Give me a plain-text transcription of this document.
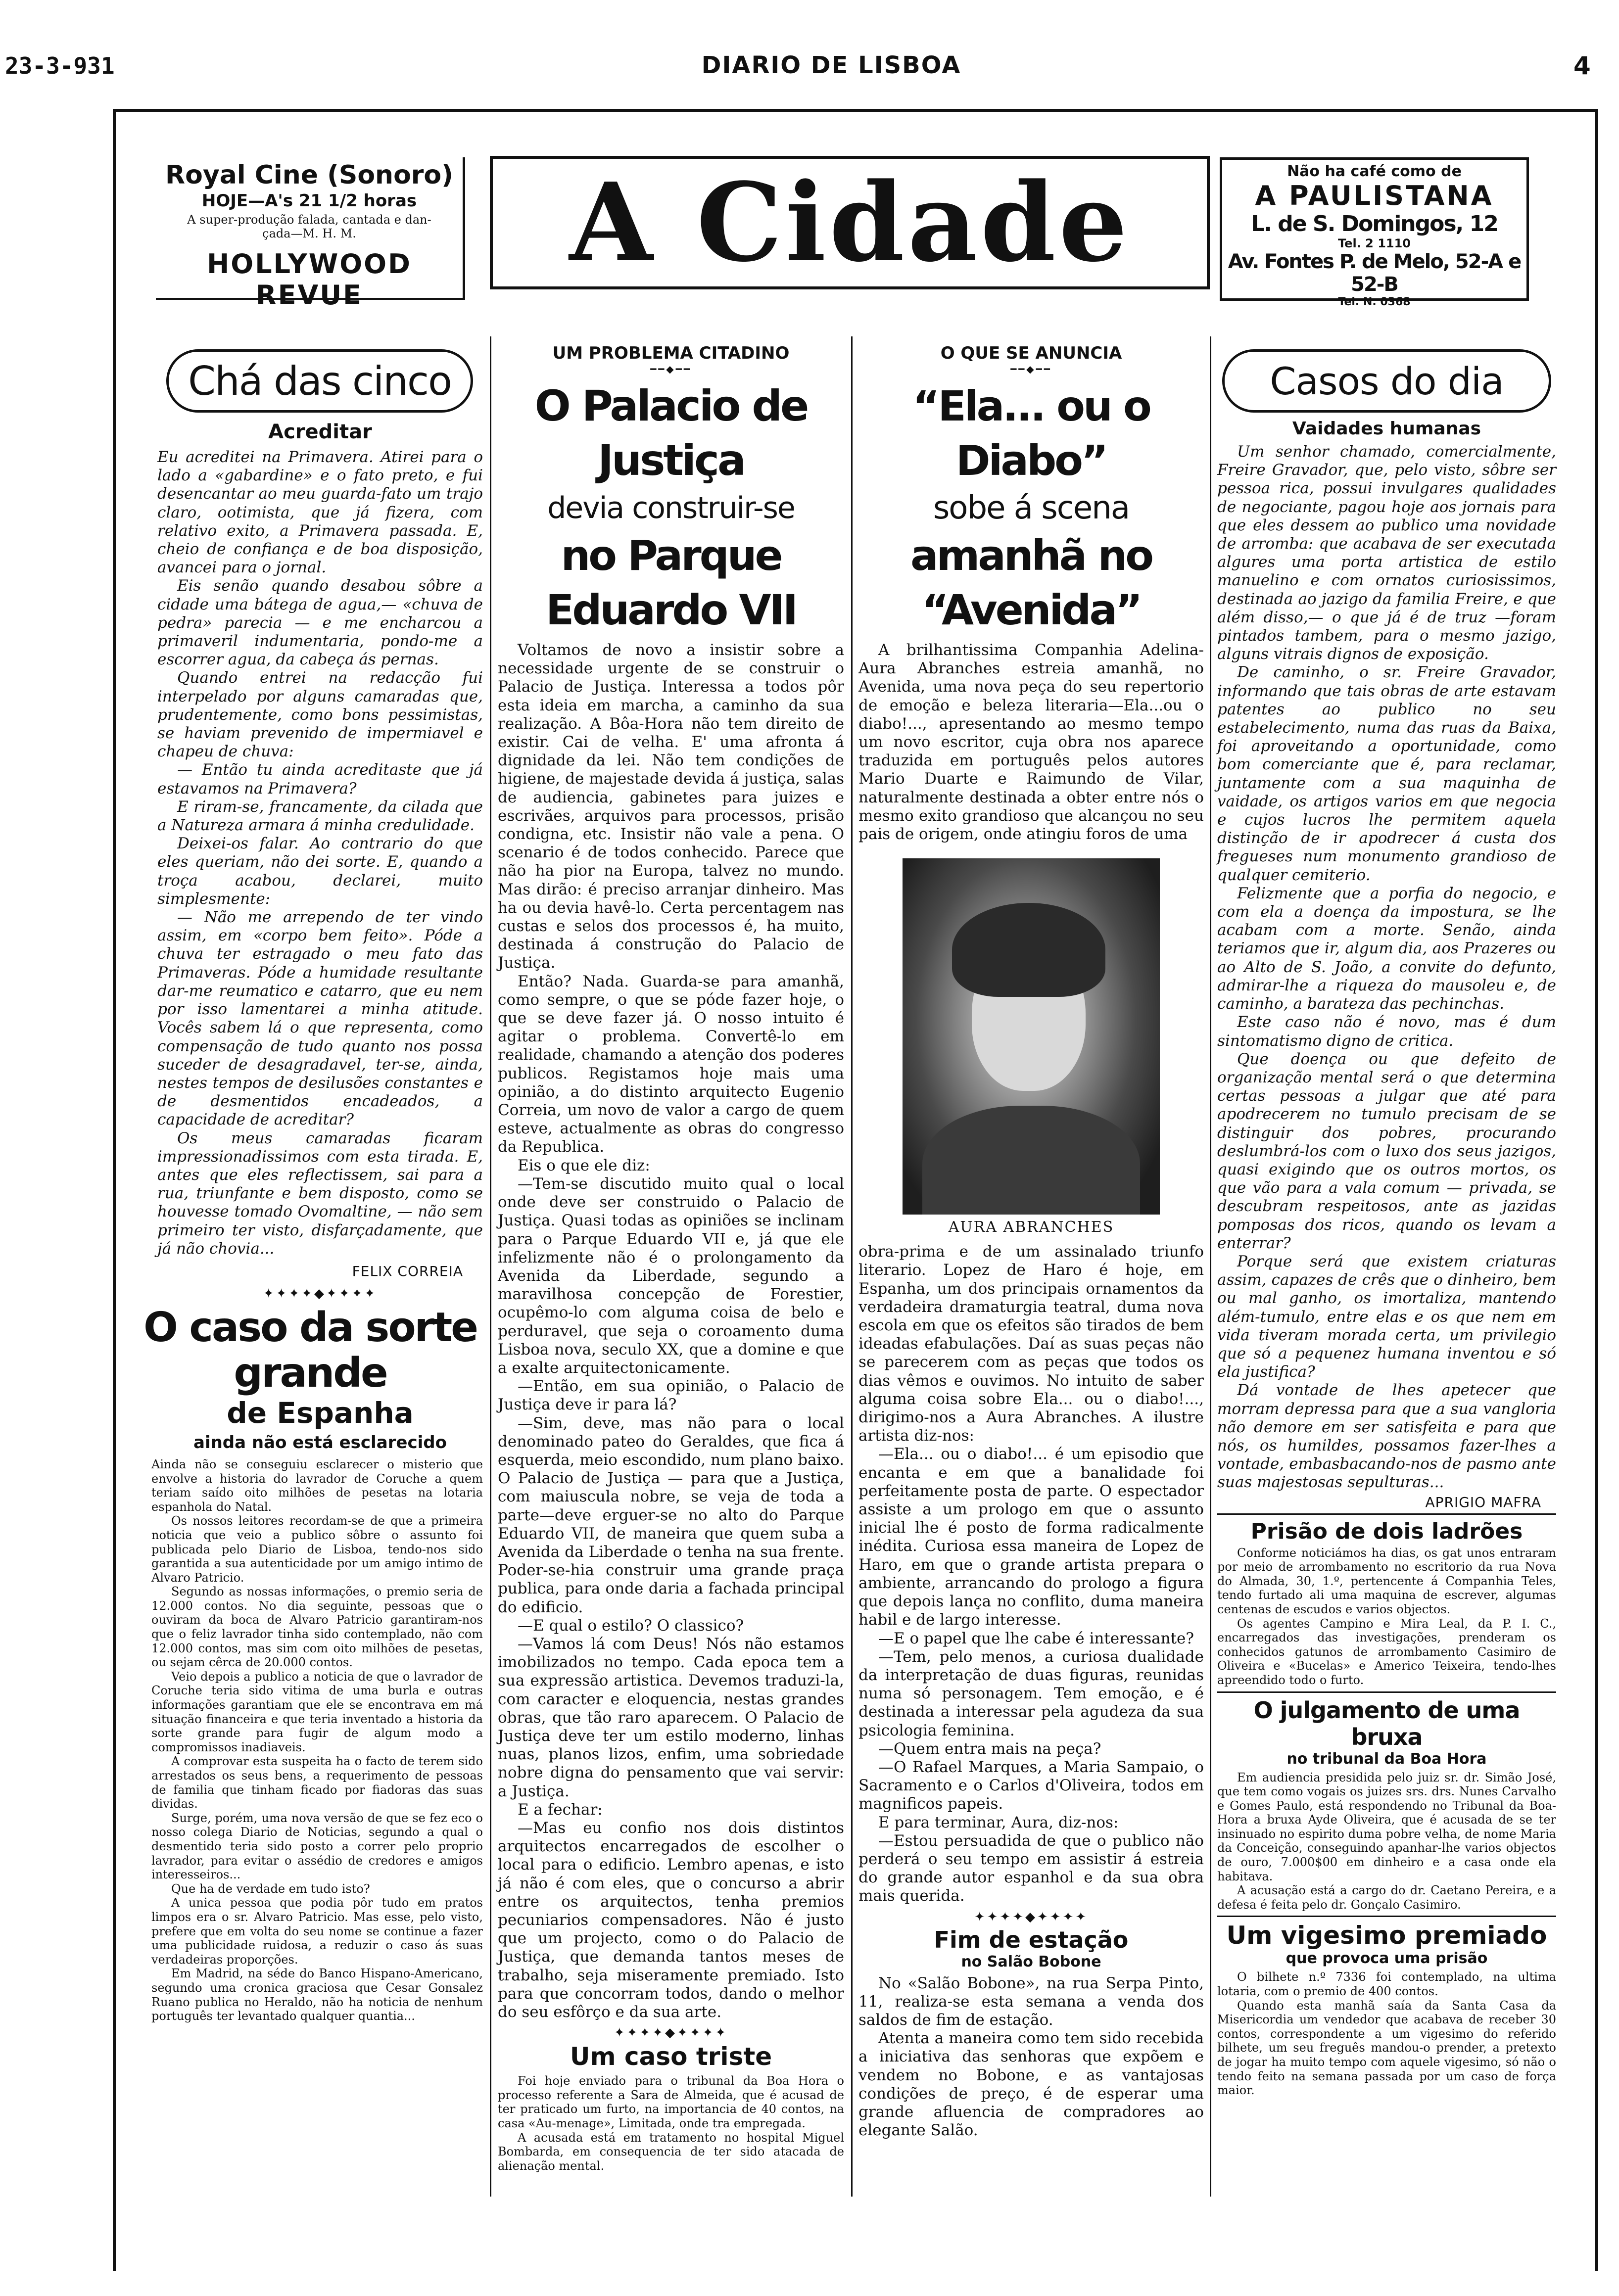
23-3-931	DIARIO DE LISBOA	4
Royal Cine (Sonoro)
HOJE—A's 21 1/2 horas
A super-produção falada, cantada e dan-
çada—M. H. M.
HOLLYWOOD REVUE
A Cidade	Não ha café como de
A PAULISTANA
L. de S. Domingos, 12
Tel. 2 1110
Av. Fontes P. de Melo, 52-A e 52-B
Tel. N. 0368
Chá das cinco
Acreditar

Eu acreditei na Primavera. Atirei para o lado a «gabardine» e o fato preto, e fui desencantar ao meu guarda-fato um trajo claro, ootimista, que já fizera, com relativo exito, a Primavera passada. E, cheio de confiança e de boa disposição, avancei para o jornal.

Eis senão quando desabou sôbre a cidade uma bátega de agua,— «chuva de pedra» parecia — e me encharcou a primaveril indumentaria, pondo-me a escorrer agua, da cabeça ás pernas.

Quando entrei na redacção fui interpelado por alguns camaradas que, prudentemente, como bons pessimistas, se haviam prevenido de impermiavel e chapeu de chuva:

— Então tu ainda acreditaste que já estavamos na Primavera?

E riram-se, francamente, da cilada que a Natureza armara á minha credulidade.

Deixei-os falar. Ao contrario do que eles queriam, não dei sorte. E, quando a troça acabou, declarei, muito simplesmente:

— Não me arrependo de ter vindo assim, em «corpo bem feito». Póde a chuva ter estragado o meu fato das Primaveras. Póde a humidade resultante dar-me reumatico e catarro, que eu nem por isso lamentarei a minha atitude. Vocês sabem lá o que representa, como compensação de tudo quanto nos possa suceder de desagradavel, ter-se, ainda, nestes tempos de desilusões constantes e de desmentidos encadeados, a capacidade de acreditar?

Os meus camaradas ficaram impressionadissimos com esta tirada. E, antes que eles reflectissem, sai para a rua, triunfante e bem disposto, como se houvesse tomado Ovomaltine, — não sem primeiro ter visto, disfarçadamente, que já não chovia...

FELIX CORREIA
✦✦✦✦◆✦✦✦✦
O caso da sorte grande
de Espanha
ainda não está esclarecido

Ainda não se conseguiu esclarecer o misterio que envolve a historia do lavrador de Coruche a quem teriam saído oito milhões de pesetas na lotaria espanhola do Natal.

Os nossos leitores recordam-se de que a primeira noticia que veio a publico sôbre o assunto foi publicada pelo Diario de Lisboa, tendo-nos sido garantida a sua autenticidade por um amigo intimo de Alvaro Patricio.

Segundo as nossas informações, o premio seria de 12.000 contos. No dia seguinte, pessoas que o ouviram da boca de Alvaro Patricio garantiram-nos que o feliz lavrador tinha sido contemplado, não com 12.000 contos, mas sim com oito milhões de pesetas, ou sejam cêrca de 20.000 contos.

Veio depois a publico a noticia de que o lavrador de Coruche teria sido vitima de uma burla e outras informações garantiam que ele se encontrava em má situação financeira e que teria inventado a historia da sorte grande para fugir de algum modo a compromissos inadiaveis.

A comprovar esta suspeita ha o facto de terem sido arrestados os seus bens, a requerimento de pessoas de familia que tinham ficado por fiadoras das suas dividas.

Surge, porém, uma nova versão de que se fez eco o nosso colega Diario de Noticias, segundo a qual o desmentido teria sido posto a correr pelo proprio lavrador, para evitar o assédio de credores e amigos interesseiros...

Que ha de verdade em tudo isto?

A unica pessoa que podia pôr tudo em pratos limpos era o sr. Alvaro Patricio. Mas esse, pelo visto, prefere que em volta do seu nome se continue a fazer uma publicidade ruidosa, a reduzir o caso ás suas verdadeiras proporções.

Em Madrid, na séde do Banco Hispano-Americano, segundo uma cronica graciosa que Cesar Gonsalez Ruano publica no Heraldo, não ha noticia de nenhum português ter levantado qualquer quantia...

UM PROBLEMA CITADINO
━━◆━━
O Palacio de Justiça
devia construir-se
no Parque Eduardo VII

Voltamos de novo a insistir sobre a necessidade urgente de se construir o Palacio de Justiça. Interessa a todos pôr esta ideia em marcha, a caminho da sua realização. A Bôa-Hora não tem direito de existir. Cai de velha. E' uma afronta á dignidade da lei. Não tem condições de higiene, de majestade devida á justiça, salas de audiencia, gabinetes para juizes e escrivães, arquivos para processos, prisão condigna, etc. Insistir não vale a pena. O scenario é de todos conhecido. Parece que não ha pior na Europa, talvez no mundo. Mas dirão: é preciso arranjar dinheiro. Mas ha ou devia havê-lo. Certa percentagem nas custas e selos dos processos é, ha muito, destinada á construção do Palacio de Justiça.

Então? Nada. Guarda-se para amanhã, como sempre, o que se póde fazer hoje, o que se deve fazer já. O nosso intuito é agitar o problema. Convertê-lo em realidade, chamando a atenção dos poderes publicos. Registamos hoje mais uma opinião, a do distinto arquitecto Eugenio Correia, um novo de valor a cargo de quem esteve, actualmente as obras do congresso da Republica.

Eis o que ele diz:

—Tem-se discutido muito qual o local onde deve ser construido o Palacio de Justiça. Quasi todas as opiniões se inclinam para o Parque Eduardo VII e, já que ele infelizmente não é o prolongamento da Avenida da Liberdade, segundo a maravilhosa concepção de Forestier, ocupêmo-lo com alguma coisa de belo e perduravel, que seja o coroamento duma Lisboa nova, seculo XX, que a domine e que a exalte arquitectonicamente.

—Então, em sua opinião, o Palacio de Justiça deve ir para lá?

—Sim, deve, mas não para o local denominado pateo do Geraldes, que fica á esquerda, meio escondido, num plano baixo. O Palacio de Justiça — para que a Justiça, com maiuscula nobre, se veja de toda a parte—deve erguer-se no alto do Parque Eduardo VII, de maneira que quem suba a Avenida da Liberdade o tenha na sua frente. Poder-se-hia construir uma grande praça publica, para onde daria a fachada principal do edificio.

—E qual o estilo? O classico?

—Vamos lá com Deus! Nós não estamos imobilizados no tempo. Cada epoca tem a sua expressão artistica. Devemos traduzi-la, com caracter e eloquencia, nestas grandes obras, que tão raro aparecem. O Palacio de Justiça deve ter um estilo moderno, linhas nuas, planos lizos, enfim, uma sobriedade nobre digna do pensamento que vai servir: a Justiça.

E a fechar:

—Mas eu confio nos dois distintos arquitectos encarregados de escolher o local para o edificio. Lembro apenas, e isto já não é com eles, que o concurso a abrir entre os arquitectos, tenha premios pecuniarios compensadores. Não é justo que um projecto, como o do Palacio de Justiça, que demanda tantos meses de trabalho, seja miseramente premiado. Isto para que concorram todos, dando o melhor do seu esfôrço e da sua arte.

✦✦✦✦◆✦✦✦✦
Um caso triste

Foi hoje enviado para o tribunal da Boa Hora o processo referente a Sara de Almeida, que é acusad de ter praticado um furto, na importancia de 40 contos, na casa «Au-menage», Limitada, onde tra empregada.

A acusada está em tratamento no hospital Miguel Bombarda, em consequencia de ter sido atacada de alienação mental.

O QUE SE ANUNCIA
━━◆━━
“Ela... ou o Diabo”
sobe á scena
amanhã no “Avenida”

A brilhantissima Companhia Adelina-Aura Abranches estreia amanhã, no Avenida, uma nova peça do seu repertorio de emoção e beleza literaria—Ela...ou o diabo!..., apresentando ao mesmo tempo um novo escritor, cuja obra nos aparece traduzida em português pelos autores Mario Duarte e Raimundo de Vilar, naturalmente destinada a obter entre nós o mesmo exito grandioso que alcançou no seu pais de origem, onde atingiu foros de uma

AURA ABRANCHES

obra-prima e de um assinalado triunfo literario. Lopez de Haro é hoje, em Espanha, um dos principais ornamentos da verdadeira dramaturgia teatral, duma nova escola em que os efeitos são tirados de bem ideadas efabulações. Daí as suas peças não se parecerem com as peças que todos os dias vêmos e ouvimos. No intuito de saber alguma coisa sobre Ela... ou o diabo!..., dirigimo-nos a Aura Abranches. A ilustre artista diz-nos:

—Ela... ou o diabo!... é um episodio que encanta e em que a banalidade foi perfeitamente posta de parte. O espectador assiste a um prologo em que o assunto inicial lhe é posto de forma radicalmente inédita. Curiosa essa maneira de Lopez de Haro, em que o grande artista prepara o ambiente, arrancando do prologo a figura que depois lança no conflito, duma maneira habil e de largo interesse.

—E o papel que lhe cabe é interessante?

—Tem, pelo menos, a curiosa dualidade da interpretação de duas figuras, reunidas numa só personagem. Tem emoção, e é destinada a interessar pela agudeza da sua psicologia feminina.

—Quem entra mais na peça?

—O Rafael Marques, a Maria Sampaio, o Sacramento e o Carlos d'Oliveira, todos em magnificos papeis.

E para terminar, Aura, diz-nos:

—Estou persuadida de que o publico não perderá o seu tempo em assistir á estreia do grande autor espanhol e da sua obra mais querida.

✦✦✦✦◆✦✦✦✦
Fim de estação
no Salão Bobone

No «Salão Bobone», na rua Serpa Pinto, 11, realiza-se esta semana a venda dos saldos de fim de estação.

Atenta a maneira como tem sido recebida a iniciativa das senhoras que expõem e vendem no Bobone, e as vantajosas condições de preço, é de esperar uma grande afluencia de compradores ao elegante Salão.

Casos do dia
Vaidades humanas

Um senhor chamado, comercialmente, Freire Gravador, que, pelo visto, sôbre ser pessoa rica, possui invulgares qualidades de negociante, pagou hoje aos jornais para que eles dessem ao publico uma novidade de arromba: que acabava de ser executada algures uma porta artistica de estilo manuelino e com ornatos curiosissimos, destinada ao jazigo da familia Freire, e que além disso,— o que já é de truz —foram pintados tambem, para o mesmo jazigo, alguns vitrais dignos de exposição.

De caminho, o sr. Freire Gravador, informando que tais obras de arte estavam patentes ao publico no seu estabelecimento, numa das ruas da Baixa, foi aproveitando a oportunidade, como bom comerciante que é, para reclamar, juntamente com a sua maquinha de vaidade, os artigos varios em que negocia e cujos lucros lhe permitem aquela distinção de ir apodrecer á custa dos fregueses num monumento grandioso de qualquer cemiterio.

Felizmente que a porfia do negocio, e com ela a doença da impostura, se lhe acabam com a morte. Senão, ainda teriamos que ir, algum dia, aos Prazeres ou ao Alto de S. João, a convite do defunto, admirar-lhe a riqueza do mausoleu e, de caminho, a barateza das pechinchas.

Este caso não é novo, mas é dum sintomatismo digno de critica.

Que doença ou que defeito de organização mental será o que determina certas pessoas a julgar que até para apodrecerem no tumulo precisam de se distinguir dos pobres, procurando deslumbrá-los com o luxo dos seus jazigos, quasi exigindo que os outros mortos, os que vão para a vala comum — privada, se descubram respeitosos, ante as jazidas pomposas dos ricos, quando os levam a enterrar?

Porque será que existem criaturas assim, capazes de crês que o dinheiro, bem ou mal ganho, os imortaliza, mantendo além-tumulo, entre elas e os que nem em vida tiveram morada certa, um privilegio que só a pequenez humana inventou e só ela justifica?

Dá vontade de lhes apetecer que morram depressa para que a sua vangloria não demore em ser satisfeita e para que nós, os humildes, possamos fazer-lhes a vontade, embasbacando-nos de pasmo ante suas majestosas sepulturas...

APRIGIO MAFRA
Prisão de dois ladrões

Conforme noticiámos ha dias, os gat unos entraram por meio de arrombamento no escritorio da rua Nova do Almada, 30, 1.º, pertencente á Companhia Teles, tendo furtado ali uma maquina de escrever, algumas centenas de escudos e varios objectos.

Os agentes Campino e Mira Leal, da P. I. C., encarregados das investigações, prenderam os conhecidos gatunos de arrombamento Casimiro de Oliveira e «Bucelas» e Americo Teixeira, tendo-lhes apreendido todo o furto.

O julgamento de uma bruxa
no tribunal da Boa Hora

Em audiencia presidida pelo juiz sr. dr. Simão José, que tem como vogais os juizes srs. drs. Nunes Carvalho e Gomes Paulo, está respondendo no Tribunal da Boa-Hora a bruxa Ayde Oliveira, que é acusada de se ter insinuado no espirito duma pobre velha, de nome Maria da Conceição, conseguindo apanhar-lhe varios objectos de ouro, 7.000$00 em dinheiro e a casa onde ela habitava.

A acusação está a cargo do dr. Caetano Pereira, e a defesa é feita pelo dr. Gonçalo Casimiro.

Um vigesimo premiado
que provoca uma prisão

O bilhete n.º 7336 foi contemplado, na ultima lotaria, com o premio de 400 contos.

Quando esta manhã saía da Santa Casa da Misericordia um vendedor que acabava de receber 30 contos, correspondente a um vigesimo do referido bilhete, um seu freguês mandou-o prender, a pretexto de jogar ha muito tempo com aquele vigesimo, só não o tendo feito na semana passada por um caso de força maior.
